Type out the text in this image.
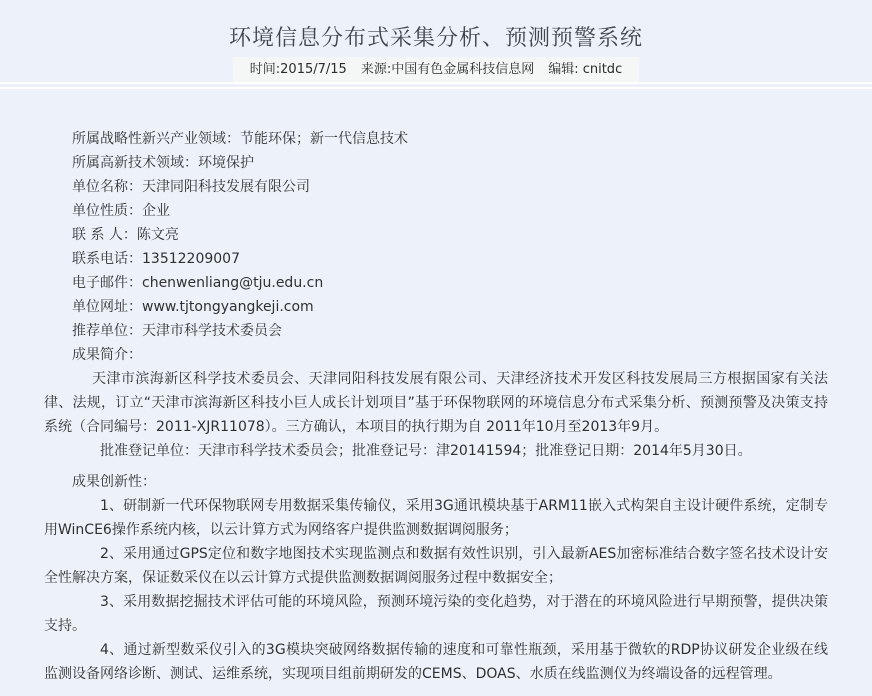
环境信息分布式采集分析、预测预警系统
时间:2015/7/15 来源:中国有色金属科技信息网 编辑: cnitdc
所属战略性新兴产业领域：节能环保；新一代信息技术
所属高新技术领域：环境保护
单位名称：天津同阳科技发展有限公司
单位性质：企业
联 系 人：陈文亮
联系电话：13512209007
电子邮件：chenwenliang@tju.edu.cn
单位网址：www.tjtongyangkeji.com
推荐单位：天津市科学技术委员会
成果简介：

天津市滨海新区科学技术委员会、天津同阳科技发展有限公司、天津经济技术开发区科技发展局三方根据国家有关法律、法规，订立“天津市滨海新区科技小巨人成长计划项目”基于环保物联网的环境信息分布式采集分析、预测预警及决策支持系统（合同编号：2011-XJR11078）。三方确认，本项目的执行期为自 2011年10月至2013年9月。

批准登记单位：天津市科学技术委员会；批准登记号：津20141594；批准登记日期：2014年5月30日。

成果创新性：

1、研制新一代环保物联网专用数据采集传输仪，采用3G通讯模块基于ARM11嵌入式构架自主设计硬件系统，定制专用WinCE6操作系统内核，以云计算方式为网络客户提供监测数据调阅服务；

2、采用通过GPS定位和数字地图技术实现监测点和数据有效性识别，引入最新AES加密标准结合数字签名技术设计安全性解决方案，保证数采仪在以云计算方式提供监测数据调阅服务过程中数据安全；

3、采用数据挖掘技术评估可能的环境风险，预测环境污染的变化趋势，对于潜在的环境风险进行早期预警，提供决策支持。

4、通过新型数采仪引入的3G模块突破网络数据传输的速度和可靠性瓶颈，采用基于微软的RDP协议研发企业级在线监测设备网络诊断、测试、运维系统，实现项目组前期研发的CEMS、DOAS、水质在线监测仪为终端设备的远程管理。
